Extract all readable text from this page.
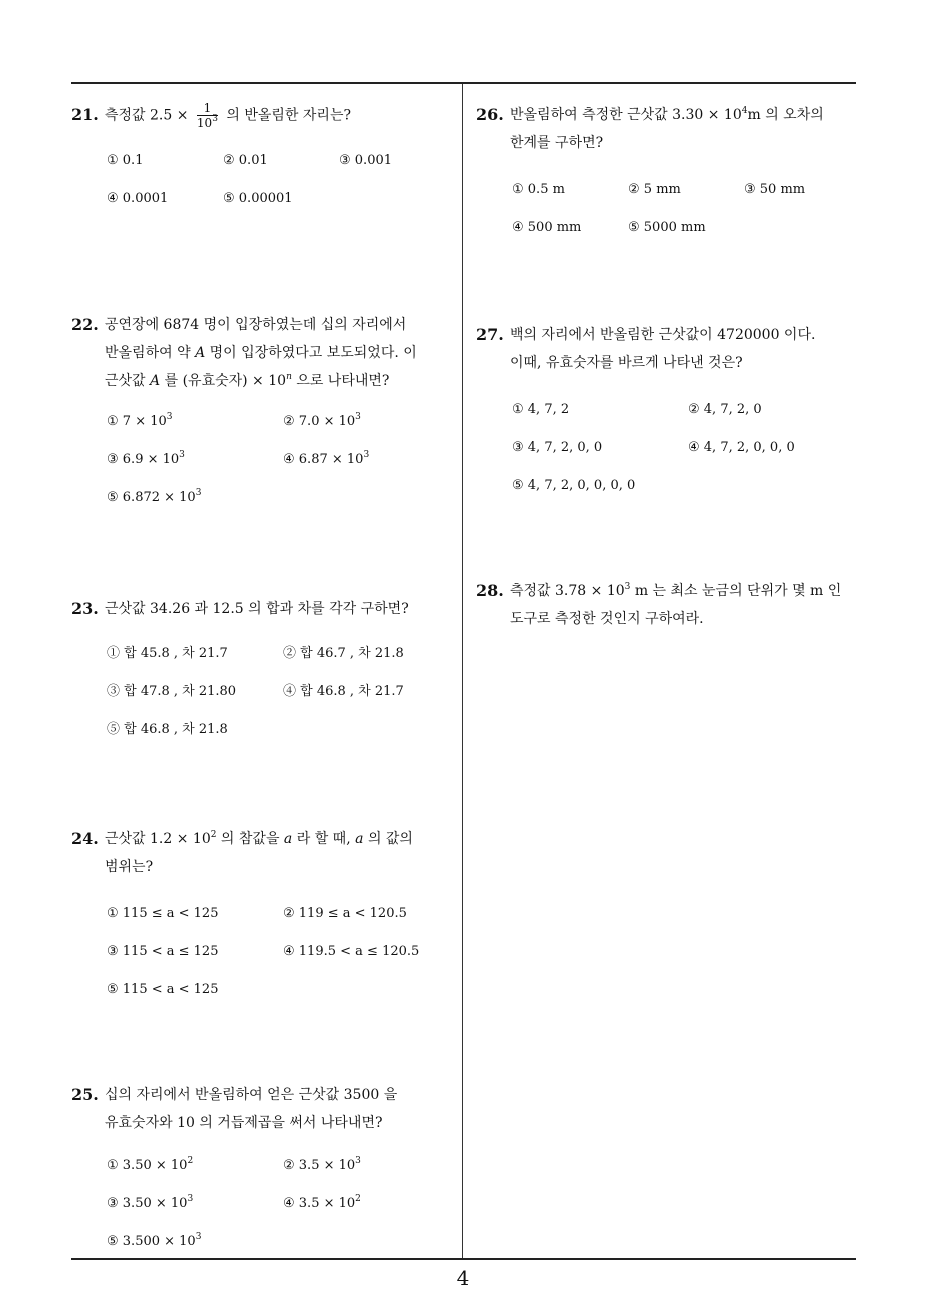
21. 측정값 $2.5 \times \frac{1}{10^3}$ 의 반올림한 자리는?
① 0.1	② 0.01	③ 0.001
④ 0.0001	⑤ 0.00001
22. 공연장에 6874 명이 입장하였는데 십의 자리에서
반올림하여 약 A 명이 입장하였다고 보도되었다. 이
근삿값 A 를 (유효숫자) × $10^n$ 으로 나타내면?
① $7 \times 10^3$	② $7.0 \times 10^3$
③ $6.9 \times 10^3$	④ $6.87 \times 10^3$
⑤ $6.872 \times 10^3$
23. 근삿값 34.26 과 12.5 의 합과 차를 각각 구하면?
① 합 45.8 , 차 21.7	② 합 46.7 , 차 21.8
③ 합 47.8 , 차 21.80	④ 합 46.8 , 차 21.7
⑤ 합 46.8 , 차 21.8
24. 근삿값 $1.2 \times 10^2$ 의 참값을 a 라 할 때, a 의 값의
범위는?
① 115 ≤ a < 125	② 119 ≤ a < 120.5
③ 115 < a ≤ 125	④ 119.5 < a ≤ 120.5
⑤ 115 < a < 125
25. 십의 자리에서 반올림하여 얻은 근삿값 3500 을
유효숫자와 10 의 거듭제곱을 써서 나타내면?
① $3.50 \times 10^2$	② $3.5 \times 10^3$
③ $3.50 \times 10^3$	④ $3.5 \times 10^2$
⑤ $3.500 \times 10^3$
26. 반올림하여 측정한 근삿값 $3.30 \times 10^4m$ 의 오차의
한계를 구하면?
① 0.5 m	② 5 mm	③ 50 mm
④ 500 mm	⑤ 5000 mm
27. 백의 자리에서 반올림한 근삿값이 4720000 이다.
이때, 유효숫자를 바르게 나타낸 것은?
① 4, 7, 2	② 4, 7, 2, 0
③ 4, 7, 2, 0, 0	④ 4, 7, 2, 0, 0, 0
⑤ 4, 7, 2, 0, 0, 0, 0
28. 측정값 $3.78 \times 10^3$ m 는 최소 눈금의 단위가 몇 m 인
도구로 측정한 것인지 구하여라.
4
